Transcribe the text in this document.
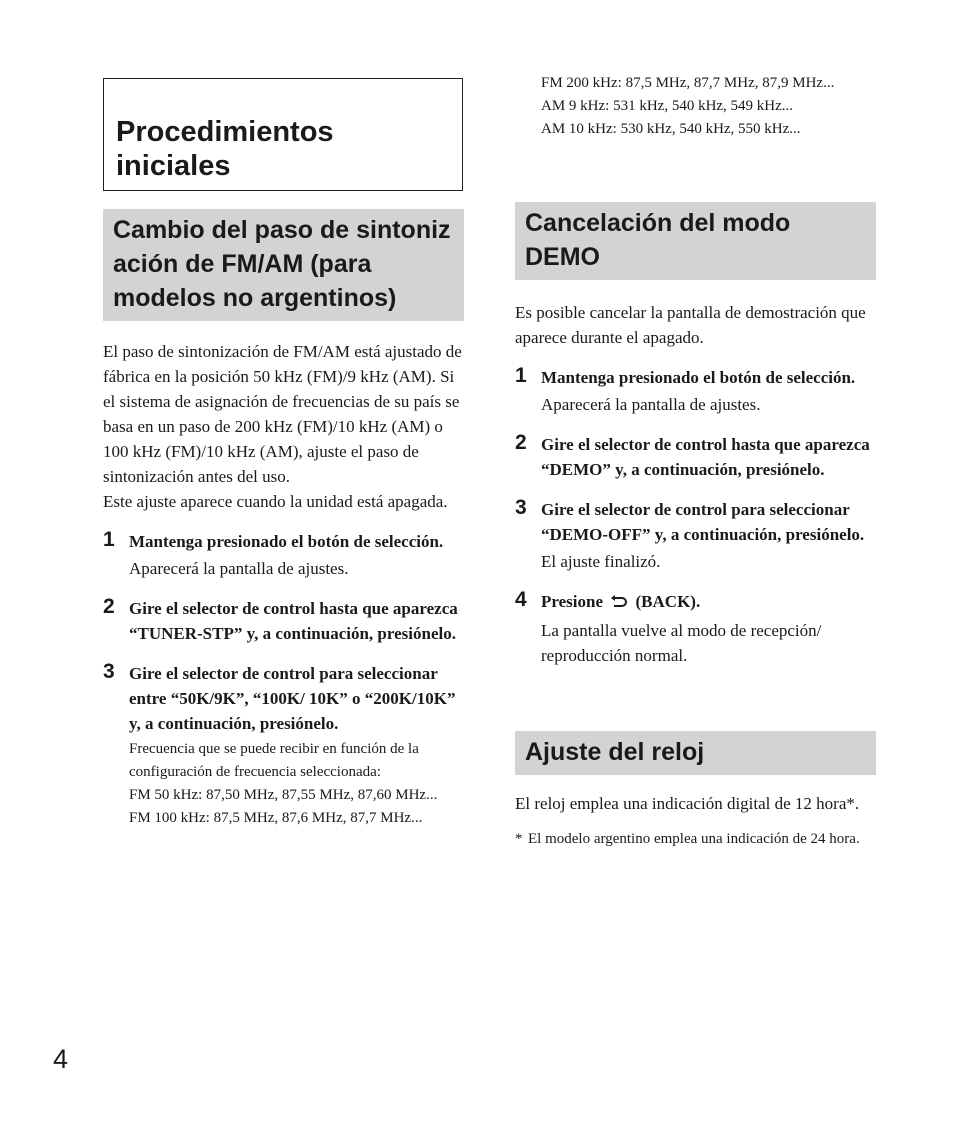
Procedimientos iniciales
Cambio del paso de sintoniz ación de FM/AM (para modelos no argentinos)

El paso de sintonización de FM/AM está ajustado de fábrica en la posición 50 kHz (FM)/9 kHz (AM). Si el sistema de asignación de frecuencias de su país se basa en un paso de 200 kHz (FM)/10 kHz (AM) o 100 kHz (FM)/10 kHz (AM), ajuste el paso de sintonización antes del uso.

Este ajuste aparece cuando la unidad está apagada.

1 Mantenga presionado el botón de selección.
Aparecerá la pantalla de ajustes.
2 Gire el selector de control hasta que aparezca “TUNER-STP” y, a continuación, presiónelo.
3 Gire el selector de control para seleccionar entre “50K/9K”, “100K/ 10K” o “200K/10K” y, a continuación, presiónelo.
Frecuencia que se puede recibir en función de la configuración de frecuencia seleccionada:
FM 50 kHz: 87,50 MHz, 87,55 MHz, 87,60 MHz...
FM 100 kHz: 87,5 MHz, 87,6 MHz, 87,7 MHz...
FM 200 kHz: 87,5 MHz, 87,7 MHz, 87,9 MHz...
AM 9 kHz: 531 kHz, 540 kHz, 549 kHz...
AM 10 kHz: 530 kHz, 540 kHz, 550 kHz...
Cancelación del modo DEMO

Es posible cancelar la pantalla de demostración que aparece durante el apagado.

1 Mantenga presionado el botón de selección.
Aparecerá la pantalla de ajustes.
2 Gire el selector de control hasta que aparezca “DEMO” y, a continuación, presiónelo.
3 Gire el selector de control para seleccionar “DEMO-OFF” y, a continuación, presiónelo.
El ajuste finalizó.
4 Presione (BACK).
La pantalla vuelve al modo de recepción/ reproducción normal.
Ajuste del reloj

El reloj emplea una indicación digital de 12 hora*.

* El modelo argentino emplea una indicación de 24 hora.
4
